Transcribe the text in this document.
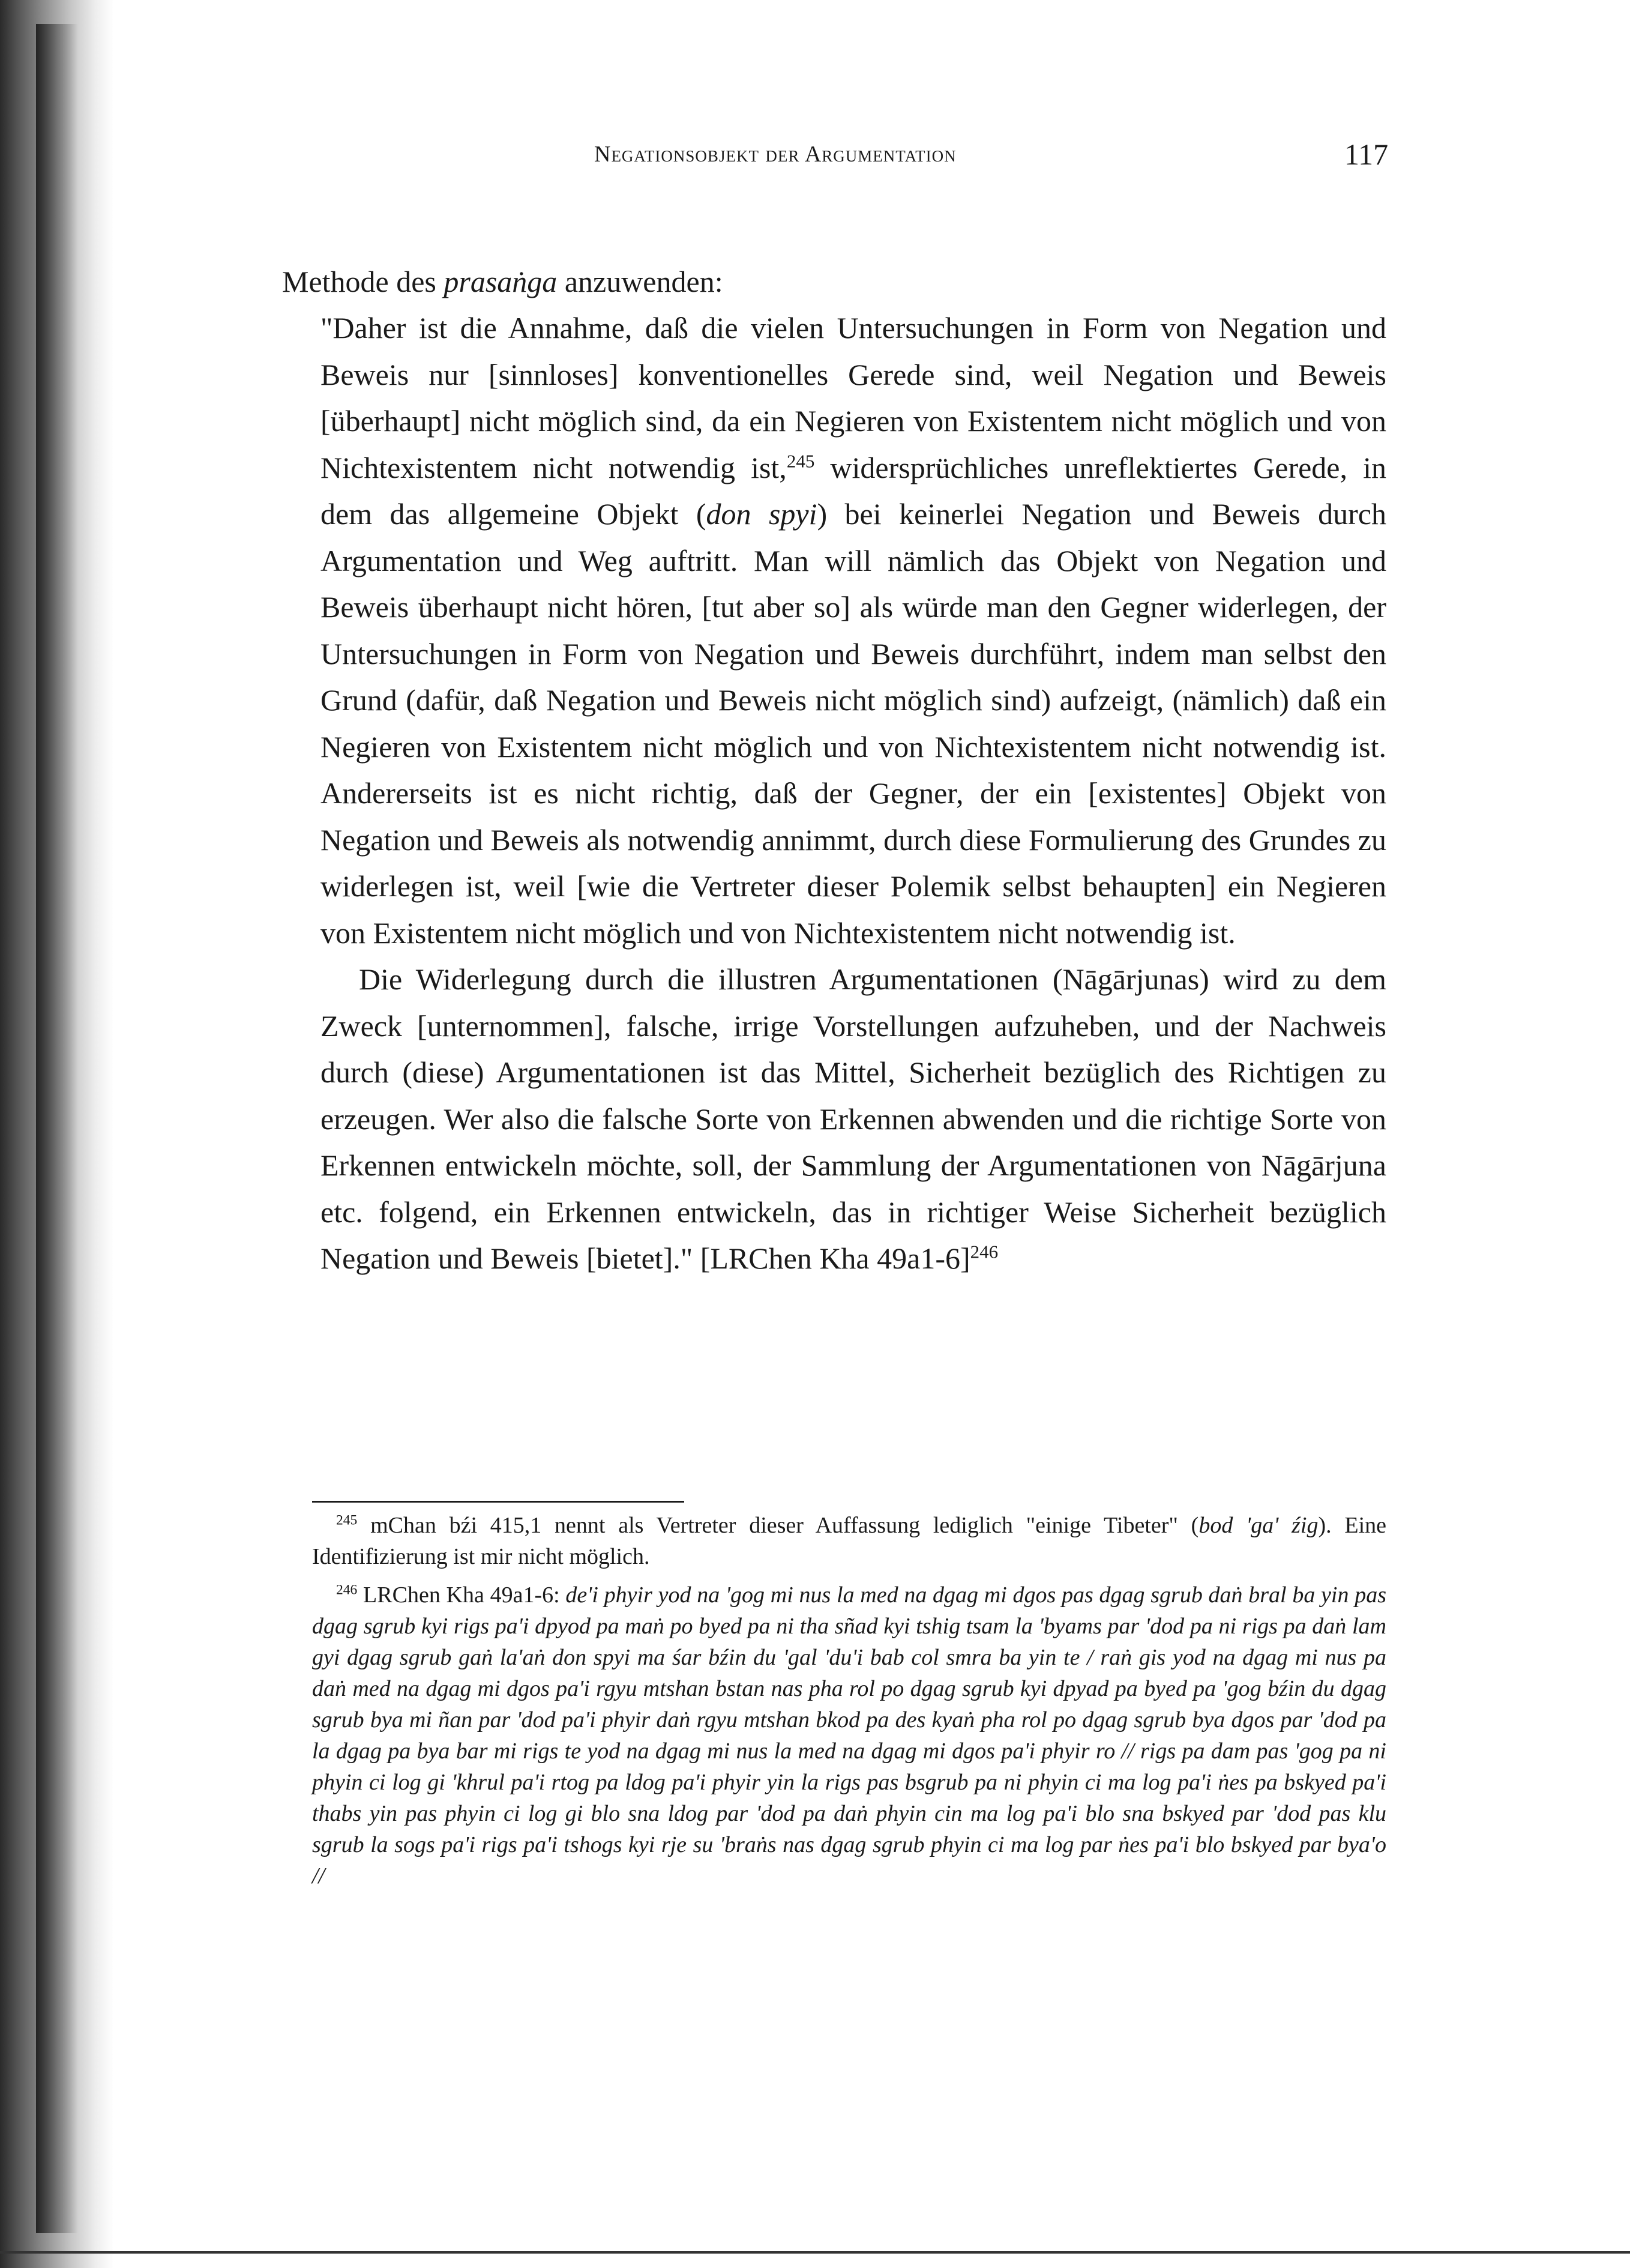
Negationsobjekt der Argumentation	117
Methode des prasaṅga anzuwenden:

"Daher ist die Annahme, daß die vielen Untersuchungen in Form von Negation und Beweis nur [sinnloses] konventionelles Gerede sind, weil Negation und Beweis [überhaupt] nicht möglich sind, da ein Negieren von Existentem nicht möglich und von Nichtexistentem nicht notwendig ist,$^{245}$ widersprüchliches unreflektiertes Gerede, in dem das allgemeine Objekt (don spyi) bei keinerlei Negation und Beweis durch Argumentation und Weg auftritt. Man will nämlich das Objekt von Negation und Beweis überhaupt nicht hören, [tut aber so] als würde man den Gegner widerlegen, der Untersuchungen in Form von Negation und Beweis durchführt, indem man selbst den Grund (dafür, daß Negation und Beweis nicht möglich sind) aufzeigt, (nämlich) daß ein Negieren von Existentem nicht möglich und von Nichtexistentem nicht notwendig ist. Andererseits ist es nicht richtig, daß der Gegner, der ein [existentes] Objekt von Negation und Beweis als notwendig annimmt, durch diese Formulierung des Grundes zu widerlegen ist, weil [wie die Vertreter dieser Polemik selbst behaupten] ein Negieren von Existentem nicht möglich und von Nichtexistentem nicht notwendig ist.

Die Widerlegung durch die illustren Argumentationen (Nāgārjunas) wird zu dem Zweck [unternommen], falsche, irrige Vorstellungen aufzuheben, und der Nachweis durch (diese) Argumentationen ist das Mittel, Sicherheit bezüglich des Richtigen zu erzeugen. Wer also die falsche Sorte von Erkennen abwenden und die richtige Sorte von Erkennen entwickeln möchte, soll, der Sammlung der Argumentationen von Nāgārjuna etc. folgend, ein Erkennen entwickeln, das in richtiger Weise Sicherheit bezüglich Negation und Beweis [bietet]." [LRChen Kha 49a1-6]$^{246}$

$^{245}$ mChan bźi 415,1 nennt als Vertreter dieser Auffassung lediglich "einige Tibeter" (bod 'ga' źig). Eine Identifizierung ist mir nicht möglich.

$^{246}$ LRChen Kha 49a1-6: de'i phyir yod na 'gog mi nus la med na dgag mi dgos pas dgag sgrub daṅ bral ba yin pas dgag sgrub kyi rigs pa'i dpyod pa maṅ po byed pa ni tha sñad kyi tshig tsam la 'byams par 'dod pa ni rigs pa daṅ lam gyi dgag sgrub gaṅ la'aṅ don spyi ma śar bźin du 'gal 'du'i bab col smra ba yin te / raṅ gis yod na dgag mi nus pa daṅ med na dgag mi dgos pa'i rgyu mtshan bstan nas pha rol po dgag sgrub kyi dpyad pa byed pa 'gog bźin du dgag sgrub bya mi ñan par 'dod pa'i phyir daṅ rgyu mtshan bkod pa des kyaṅ pha rol po dgag sgrub bya dgos par 'dod pa la dgag pa bya bar mi rigs te yod na dgag mi nus la med na dgag mi dgos pa'i phyir ro // rigs pa dam pas 'gog pa ni phyin ci log gi 'khrul pa'i rtog pa ldog pa'i phyir yin la rigs pas bsgrub pa ni phyin ci ma log pa'i ṅes pa bskyed pa'i thabs yin pas phyin ci log gi blo sna ldog par 'dod pa daṅ phyin cin ma log pa'i blo sna bskyed par 'dod pas klu sgrub la sogs pa'i rigs pa'i tshogs kyi rje su 'braṅs nas dgag sgrub phyin ci ma log par ṅes pa'i blo bskyed par bya'o //
